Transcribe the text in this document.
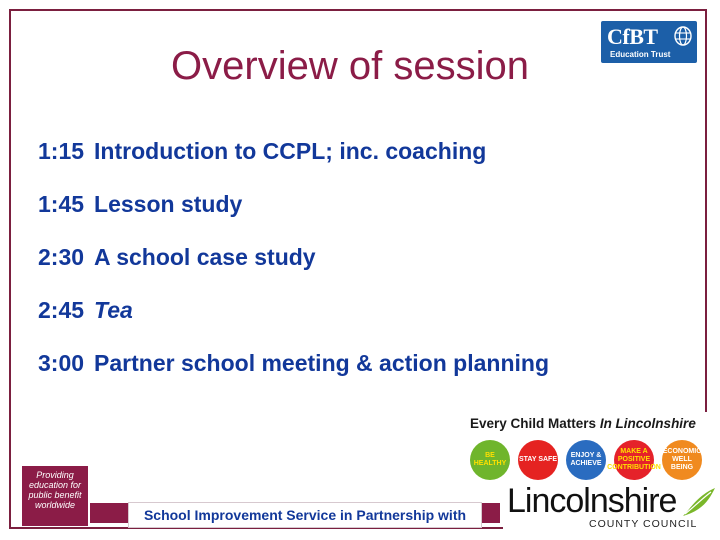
CfBT
Education Trust
Overview of session
1:15 Introduction to CCPL; inc. coaching
1:45 Lesson study
2:30 A school case study
2:45 Tea
3:00 Partner school meeting & action planning
Every Child Matters In Lincolnshire
BE HEALTHY
STAY SAFE
ENJOY & ACHIEVE
MAKE A POSITIVE CONTRIBUTION
ECONOMIC WELL BEING
Providing education for public benefit worldwide
School Improvement Service in Partnership with	Lincolnshire
COUNTY COUNCIL
